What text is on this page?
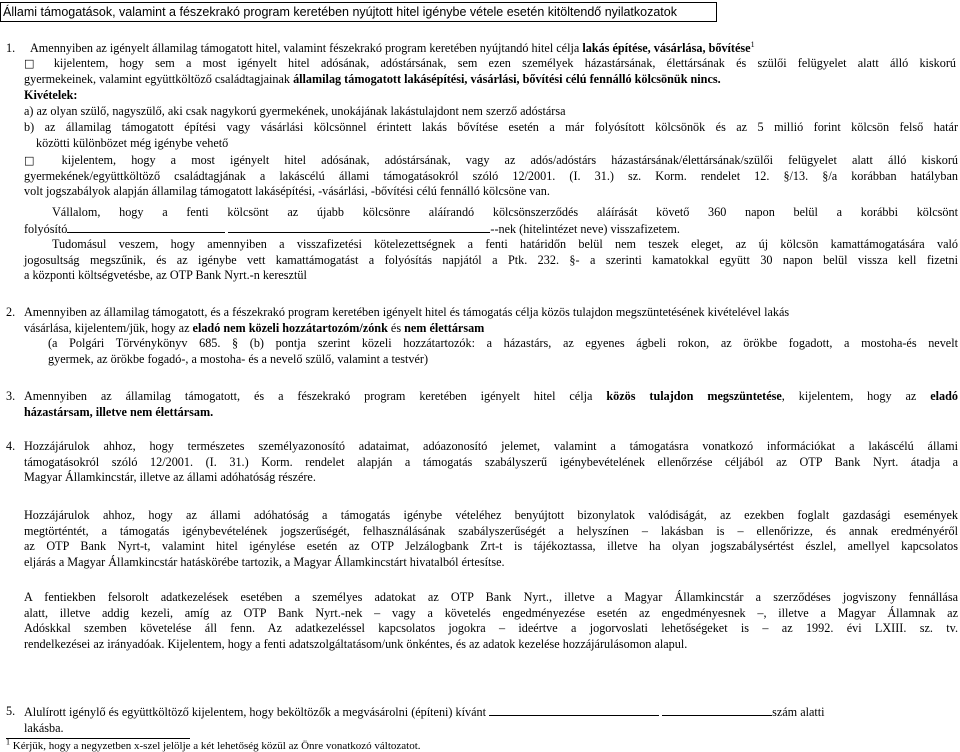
Állami támogatások, valamint a fészekrakó program keretében nyújtott hitel igénybe vétele esetén kitöltendő nyilatkozatok
1. Amennyiben az igényelt államilag támogatott hitel, valamint fészekrakó program keretében nyújtandó hitel célja lakás építése, vásárlása, bővítése$^1$
□ kijelentem, hogy sem a most igényelt hitel adósának, adóstársának, sem ezen személyek házastársának, élettársának és szülői felügyelet alatt álló kiskorú
gyermekeinek, valamint együttköltöző családtagjainak államilag támogatott lakásépítési, vásárlási, bővítési célú fennálló kölcsönük nincs.
Kivételek:
a) az olyan szülő, nagyszülő, aki csak nagykorú gyermekének, unokájának lakástulajdont nem szerző adóstársa
b) az államilag támogatott építési vagy vásárlási kölcsönnel érintett lakás bővítése esetén a már folyósított kölcsönök és az 5 millió forint kölcsön felső határ
közötti különbözet még igénybe vehető
□ kijelentem, hogy a most igényelt hitel adósának, adóstársának, vagy az adós/adóstárs házastársának/élettársának/szülői felügyelet alatt álló kiskorú
gyermekének/együttköltöző családtagjának a lakáscélú állami támogatásokról szóló 12/2001. (I. 31.) sz. Korm. rendelet 12. §/13. §/a korábban hatályban
volt jogszabályok alapján államilag támogatott lakásépítési, -vásárlási, -bővítési célú fennálló kölcsöne van.
Vállalom, hogy a fenti kölcsönt az újabb kölcsönre aláírandó kölcsönszerződés aláírását követő 360 napon belül a korábbi kölcsönt
folyósító	--nek (hitelintézet neve) visszafizetem.
Tudomásul veszem, hogy amennyiben a visszafizetési kötelezettségnek a fenti határidőn belül nem teszek eleget, az új kölcsön kamattámogatására való
jogosultság megszűnik, és az igénybe vett kamattámogatást a folyósítás napjától a Ptk. 232. §- a szerinti kamatokkal együtt 30 napon belül vissza kell fizetni
a központi költségvetésbe, az OTP Bank Nyrt.-n keresztül
2. Amennyiben az államilag támogatott, és a fészekrakó program keretében igényelt hitel és támogatás célja közös tulajdon megszüntetésének kivételével lakás
vásárlása, kijelentem/jük, hogy az eladó nem közeli hozzátartozóm/zónk és nem élettársam
(a Polgári Törvénykönyv 685. § (b) pontja szerint közeli hozzátartozók: a házastárs, az egyenes ágbeli rokon, az örökbe fogadott, a mostoha-és nevelt
gyermek, az örökbe fogadó-, a mostoha- és a nevelő szülő, valamint a testvér)
3. Amennyiben az államilag támogatott, és a fészekrakó program keretében igényelt hitel célja közös tulajdon megszüntetése, kijelentem, hogy az eladó
házastársam, illetve nem élettársam.
4. Hozzájárulok ahhoz, hogy természetes személyazonosító adataimat, adóazonosító jelemet, valamint a támogatásra vonatkozó információkat a lakáscélú állami
támogatásokról szóló 12/2001. (I. 31.) Korm. rendelet alapján a támogatás szabályszerű igénybevételének ellenőrzése céljából az OTP Bank Nyrt. átadja a
Magyar Államkincstár, illetve az állami adóhatóság részére.
Hozzájárulok ahhoz, hogy az állami adóhatóság a támogatás igénybe vételéhez benyújtott bizonylatok valódiságát, az ezekben foglalt gazdasági események
megtörténtét, a támogatás igénybevételének jogszerűségét, felhasználásának szabályszerűségét a helyszínen – lakásban is – ellenőrizze, és annak eredményéről
az OTP Bank Nyrt-t, valamint hitel igénylése esetén az OTP Jelzálogbank Zrt-t is tájékoztassa, illetve ha olyan jogszabálysértést észlel, amellyel kapcsolatos
eljárás a Magyar Államkincstár hatáskörébe tartozik, a Magyar Államkincstárt hivatalból értesítse.
A fentiekben felsorolt adatkezelések esetében a személyes adatokat az OTP Bank Nyrt., illetve a Magyar Államkincstár a szerződéses jogviszony fennállása
alatt, illetve addig kezeli, amíg az OTP Bank Nyrt.-nek – vagy a követelés engedményezése esetén az engedményesnek –, illetve a Magyar Államnak az
Adóskkal szemben követelése áll fenn. Az adatkezeléssel kapcsolatos jogokra – ideértve a jogorvoslati lehetőségeket is – az 1992. évi LXIII. sz. tv.
rendelkezései az irányadóak. Kijelentem, hogy a fenti adatszolgáltatásom/unk önkéntes, és az adatok kezelése hozzájárulásomon alapul.
5. Alulírott igénylő és együttköltöző kijelentem, hogy beköltözők a megvásárolni (építeni) kívánt	szám alatti
lakásba.
$^1$ Kérjük, hogy a negyzetben x-szel jelölje a két lehetőség közül az Önre vonatkozó változatot.
